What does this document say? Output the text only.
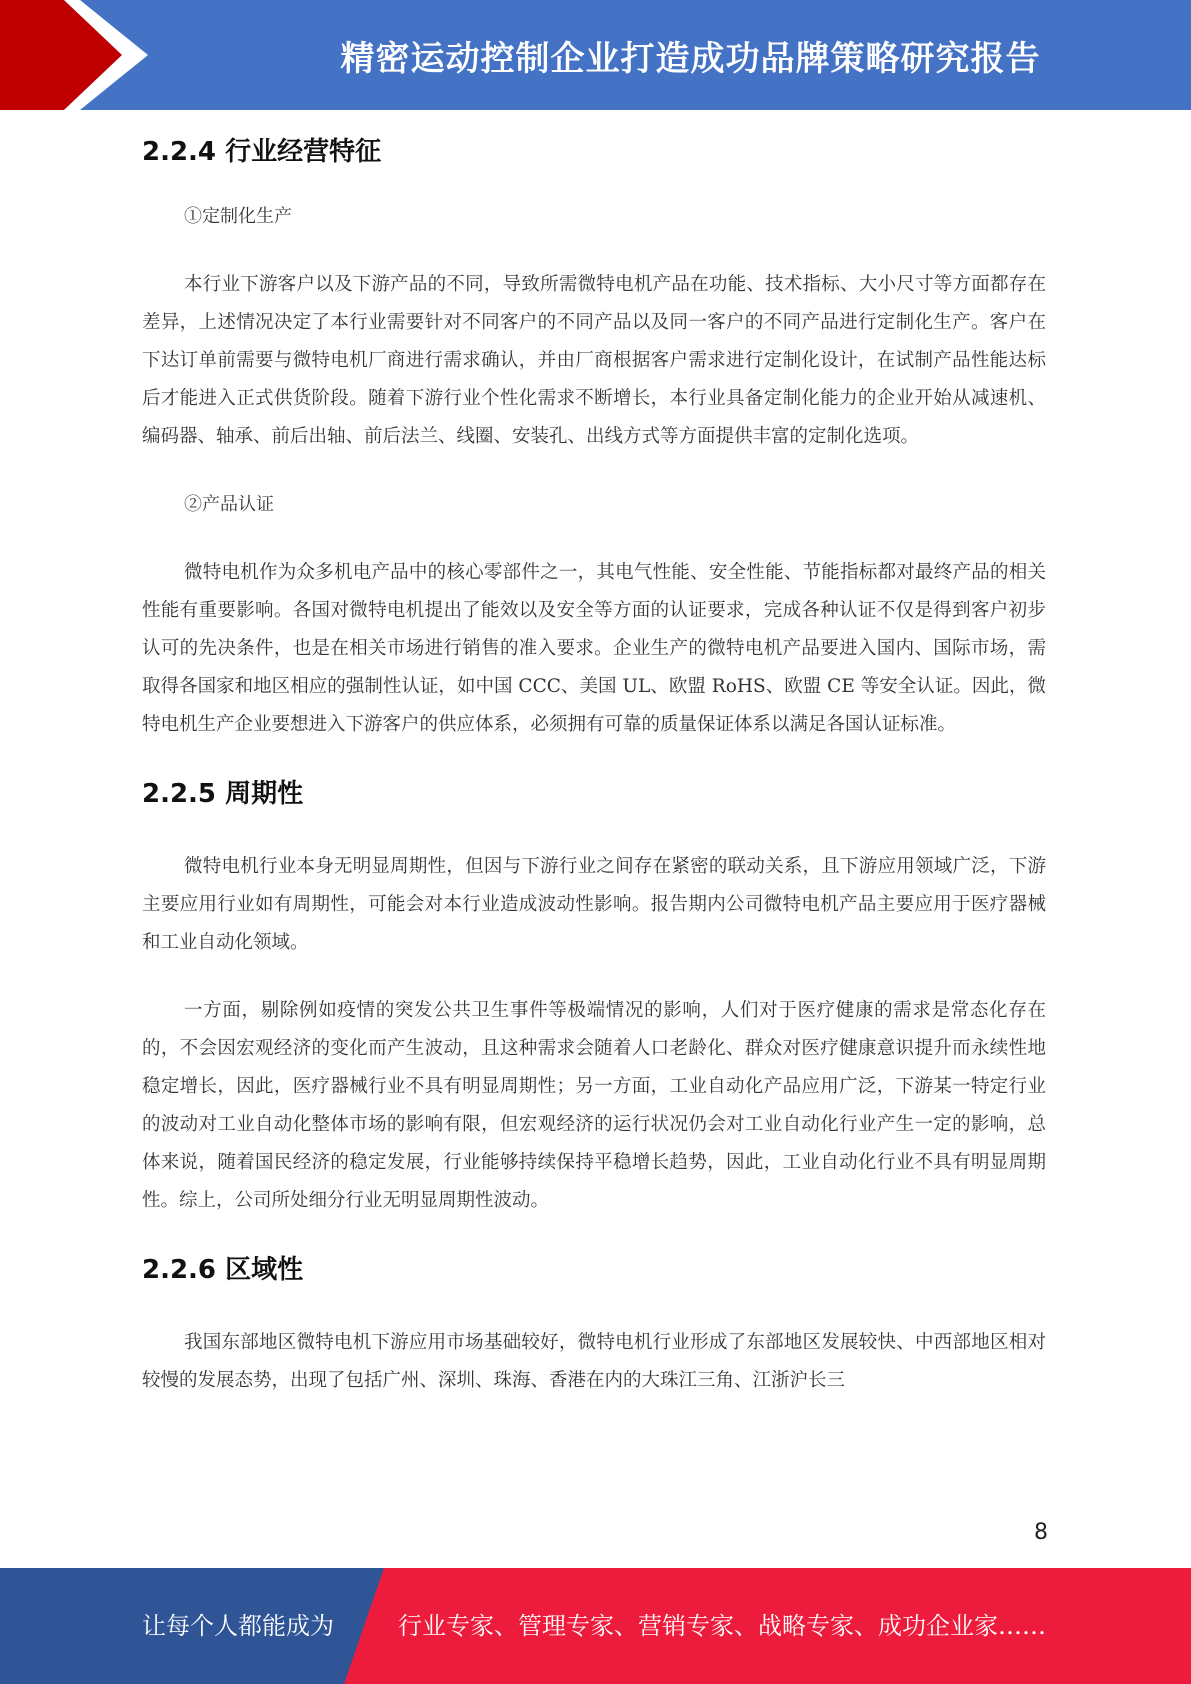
精密运动控制企业打造成功品牌策略研究报告
2.2.4 行业经营特征

①定制化生产

本行业下游客户以及下游产品的不同，导致所需微特电机产品在功能、技术指标、大小尺寸等方面都存在差异，上述情况决定了本行业需要针对不同客户的不同产品以及同一客户的不同产品进行定制化生产。客户在下达订单前需要与微特电机厂商进行需求确认，并由厂商根据客户需求进行定制化设计，在试制产品性能达标后才能进入正式供货阶段。随着下游行业个性化需求不断增长，本行业具备定制化能力的企业开始从减速机、编码器、轴承、前后出轴、前后法兰、线圈、安装孔、出线方式等方面提供丰富的定制化选项。

②产品认证

微特电机作为众多机电产品中的核心零部件之一，其电气性能、安全性能、节能指标都对最终产品的相关性能有重要影响。各国对微特电机提出了能效以及安全等方面的认证要求，完成各种认证不仅是得到客户初步认可的先决条件，也是在相关市场进行销售的准入要求。企业生产的微特电机产品要进入国内、国际市场，需取得各国家和地区相应的强制性认证，如中国 CCC、美国 UL、欧盟 RoHS、欧盟 CE 等安全认证。因此，微特电机生产企业要想进入下游客户的供应体系，必须拥有可靠的质量保证体系以满足各国认证标准。

2.2.5 周期性

微特电机行业本身无明显周期性，但因与下游行业之间存在紧密的联动关系，且下游应用领域广泛，下游主要应用行业如有周期性，可能会对本行业造成波动性影响。报告期内公司微特电机产品主要应用于医疗器械和工业自动化领域。

一方面，剔除例如疫情的突发公共卫生事件等极端情况的影响，人们对于医疗健康的需求是常态化存在的，不会因宏观经济的变化而产生波动，且这种需求会随着人口老龄化、群众对医疗健康意识提升而永续性地稳定增长，因此，医疗器械行业不具有明显周期性；另一方面，工业自动化产品应用广泛，下游某一特定行业的波动对工业自动化整体市场的影响有限，但宏观经济的运行状况仍会对工业自动化行业产生一定的影响，总体来说，随着国民经济的稳定发展，行业能够持续保持平稳增长趋势，因此，工业自动化行业不具有明显周期性。综上，公司所处细分行业无明显周期性波动。

2.2.6 区域性

我国东部地区微特电机下游应用市场基础较好，微特电机行业形成了东部地区发展较快、中西部地区相对较慢的发展态势，出现了包括广州、深圳、珠海、香港在内的大珠江三角、江浙沪长三

8
让每个人都能成为	行业专家、管理专家、营销专家、战略专家、成功企业家……
